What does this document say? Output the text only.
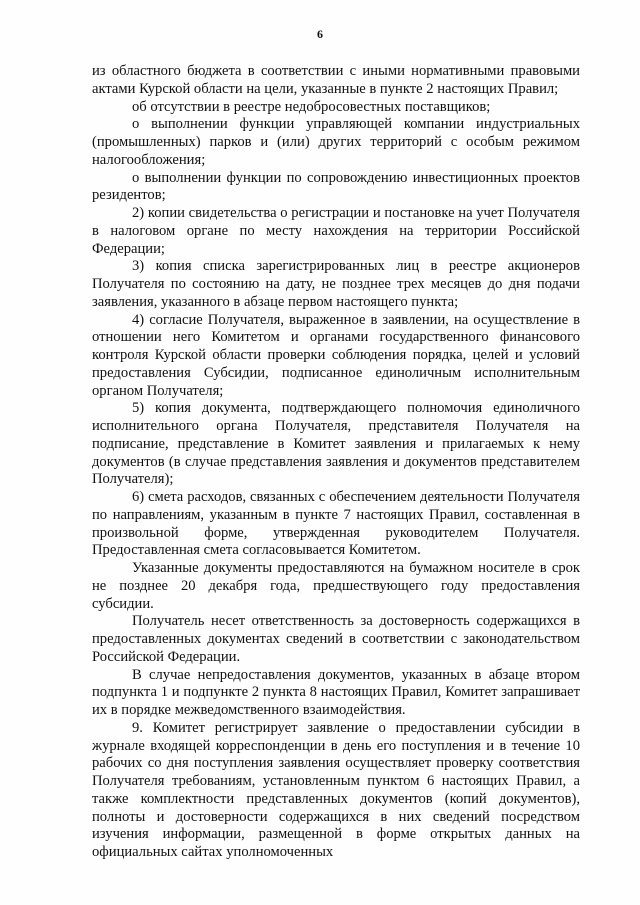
6

из областного бюджета в соответствии с иными нормативными правовыми актами Курской области на цели, указанные в пункте 2 настоящих Правил;

об отсутствии в реестре недобросовестных поставщиков;

о выполнении функции управляющей компании индустриальных (промышленных) парков и (или) других территорий с особым режимом налогообложения;

о выполнении функции по сопровождению инвестиционных проектов резидентов;

2) копии свидетельства о регистрации и постановке на учет Получателя в налоговом органе по месту нахождения на территории Российской Федерации;

3) копия списка зарегистрированных лиц в реестре акционеров Получателя по состоянию на дату, не позднее трех месяцев до дня подачи заявления, указанного в абзаце первом настоящего пункта;

4) согласие Получателя, выраженное в заявлении, на осуществление в отношении него Комитетом и органами государственного финансового контроля Курской области проверки соблюдения порядка, целей и условий предоставления Субсидии, подписанное единоличным исполнительным органом Получателя;

5) копия документа, подтверждающего полномочия единоличного исполнительного органа Получателя, представителя Получателя на подписание, представление в Комитет заявления и прилагаемых к нему документов (в случае представления заявления и документов представителем Получателя);

6) смета расходов, связанных с обеспечением деятельности Получателя по направлениям, указанным в пункте 7 настоящих Правил, составленная в произвольной форме, утвержденная руководителем Получателя. Предоставленная смета согласовывается Комитетом.

Указанные документы предоставляются на бумажном носителе в срок не позднее 20 декабря года, предшествующего году предоставления субсидии.

Получатель несет ответственность за достоверность содержащихся в предоставленных документах сведений в соответствии с законодательством Российской Федерации.

В случае непредоставления документов, указанных в абзаце втором подпункта 1 и подпункте 2 пункта 8 настоящих Правил, Комитет запрашивает их в порядке межведомственного взаимодействия.

9. Комитет регистрирует заявление о предоставлении субсидии в журнале входящей корреспонденции в день его поступления и в течение 10 рабочих со дня поступления заявления осуществляет проверку соответствия Получателя требованиям, установленным пунктом 6 настоящих Правил, а также комплектности представленных документов (копий документов), полноты и достоверности содержащихся в них сведений посредством изучения информации, размещенной в форме открытых данных на официальных сайтах уполномоченных
